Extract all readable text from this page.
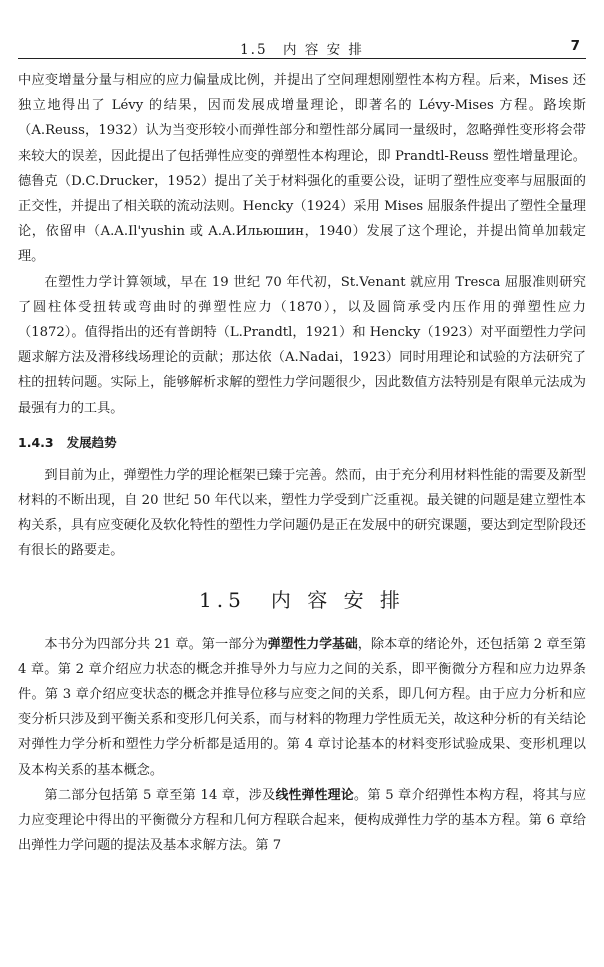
1.5　内 容 安 排	7

中应变增量分量与相应的应力偏量成比例，并提出了空间理想刚塑性本构方程。后来，Mises 还独立地得出了 Lévy 的结果，因而发展成增量理论，即著名的 Lévy-Mises 方程。路埃斯（A.Reuss，1932）认为当变形较小而弹性部分和塑性部分属同一量级时，忽略弹性变形将会带来较大的误差，因此提出了包括弹性应变的弹塑性本构理论，即 Prandtl-Reuss 塑性增量理论。德鲁克（D.C.Drucker，1952）提出了关于材料强化的重要公设，证明了塑性应变率与屈服面的正交性，并提出了相关联的流动法则。Hencky（1924）采用 Mises 屈服条件提出了塑性全量理论，依留申（A.A.Il'yushin 或 A.A.Ильюшин，1940）发展了这个理论，并提出简单加载定理。

在塑性力学计算领域，早在 19 世纪 70 年代初，St.Venant 就应用 Tresca 屈服准则研究了圆柱体受扭转或弯曲时的弹塑性应力（1870），以及圆筒承受内压作用的弹塑性应力（1872）。值得指出的还有普朗特（L.Prandtl，1921）和 Hencky（1923）对平面塑性力学问题求解方法及滑移线场理论的贡献；那达依（A.Nadai，1923）同时用理论和试验的方法研究了柱的扭转问题。实际上，能够解析求解的塑性力学问题很少，因此数值方法特别是有限单元法成为最强有力的工具。

1.4.3 发展趋势

到目前为止，弹塑性力学的理论框架已臻于完善。然而，由于充分利用材料性能的需要及新型材料的不断出现，自 20 世纪 50 年代以来，塑性力学受到广泛重视。最关键的问题是建立塑性本构关系，具有应变硬化及软化特性的塑性力学问题仍是正在发展中的研究课题，要达到定型阶段还有很长的路要走。

1.5　内 容 安 排

本书分为四部分共 21 章。第一部分为弹塑性力学基础，除本章的绪论外，还包括第 2 章至第 4 章。第 2 章介绍应力状态的概念并推导外力与应力之间的关系，即平衡微分方程和应力边界条件。第 3 章介绍应变状态的概念并推导位移与应变之间的关系，即几何方程。由于应力分析和应变分析只涉及到平衡关系和变形几何关系，而与材料的物理力学性质无关，故这种分析的有关结论对弹性力学分析和塑性力学分析都是适用的。第 4 章讨论基本的材料变形试验成果、变形机理以及本构关系的基本概念。

第二部分包括第 5 章至第 14 章，涉及线性弹性理论。第 5 章介绍弹性本构方程，将其与应力应变理论中得出的平衡微分方程和几何方程联合起来，便构成弹性力学的基本方程。第 6 章给出弹性力学问题的提法及基本求解方法。第 7
